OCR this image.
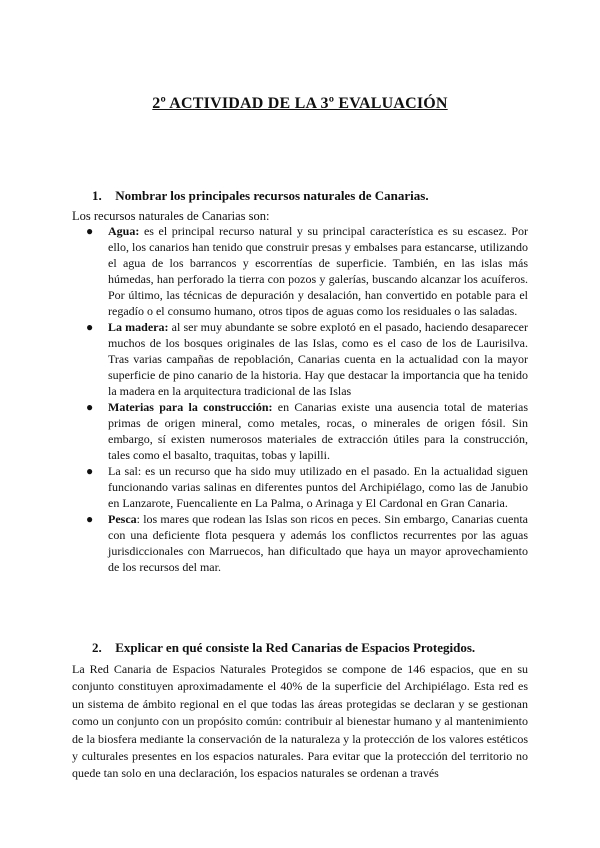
2º ACTIVIDAD DE LA 3º EVALUACIÓN
1. Nombrar los principales recursos naturales de Canarias.
Los recursos naturales de Canarias son:
● Agua: es el principal recurso natural y su principal característica es su escasez. Por ello, los canarios han tenido que construir presas y embalses para estancarse, utilizando el agua de los barrancos y escorrentías de superficie. También, en las islas más húmedas, han perforado la tierra con pozos y galerías, buscando alcanzar los acuíferos. Por último, las técnicas de depuración y desalación, han convertido en potable para el regadío o el consumo humano, otros tipos de aguas como los residuales o las saladas.
● La madera: al ser muy abundante se sobre explotó en el pasado, haciendo desaparecer muchos de los bosques originales de las Islas, como es el caso de los de Laurisilva. Tras varias campañas de repoblación, Canarias cuenta en la actualidad con la mayor superficie de pino canario de la historia. Hay que destacar la importancia que ha tenido la madera en la arquitectura tradicional de las Islas
● Materias para la construcción: en Canarias existe una ausencia total de materias primas de origen mineral, como metales, rocas, o minerales de origen fósil. Sin embargo, sí existen numerosos materiales de extracción útiles para la construcción, tales como el basalto, traquitas, tobas y lapilli.
● La sal: es un recurso que ha sido muy utilizado en el pasado. En la actualidad siguen funcionando varias salinas en diferentes puntos del Archipiélago, como las de Janubio en Lanzarote, Fuencaliente en La Palma, o Arinaga y El Cardonal en Gran Canaria.
● Pesca: los mares que rodean las Islas son ricos en peces. Sin embargo, Canarias cuenta con una deficiente flota pesquera y además los conflictos recurrentes por las aguas jurisdiccionales con Marruecos, han dificultado que haya un mayor aprovechamiento de los recursos del mar.
2. Explicar en qué consiste la Red Canarias de Espacios Protegidos.

La Red Canaria de Espacios Naturales Protegidos se compone de 146 espacios, que en su conjunto constituyen aproximadamente el 40% de la superficie del Archipiélago. Esta red es un sistema de ámbito regional en el que todas las áreas protegidas se declaran y se gestionan como un conjunto con un propósito común: contribuir al bienestar humano y al mantenimiento de la biosfera mediante la conservación de la naturaleza y la protección de los valores estéticos y culturales presentes en los espacios naturales. Para evitar que la protección del territorio no quede tan solo en una declaración, los espacios naturales se ordenan a través
